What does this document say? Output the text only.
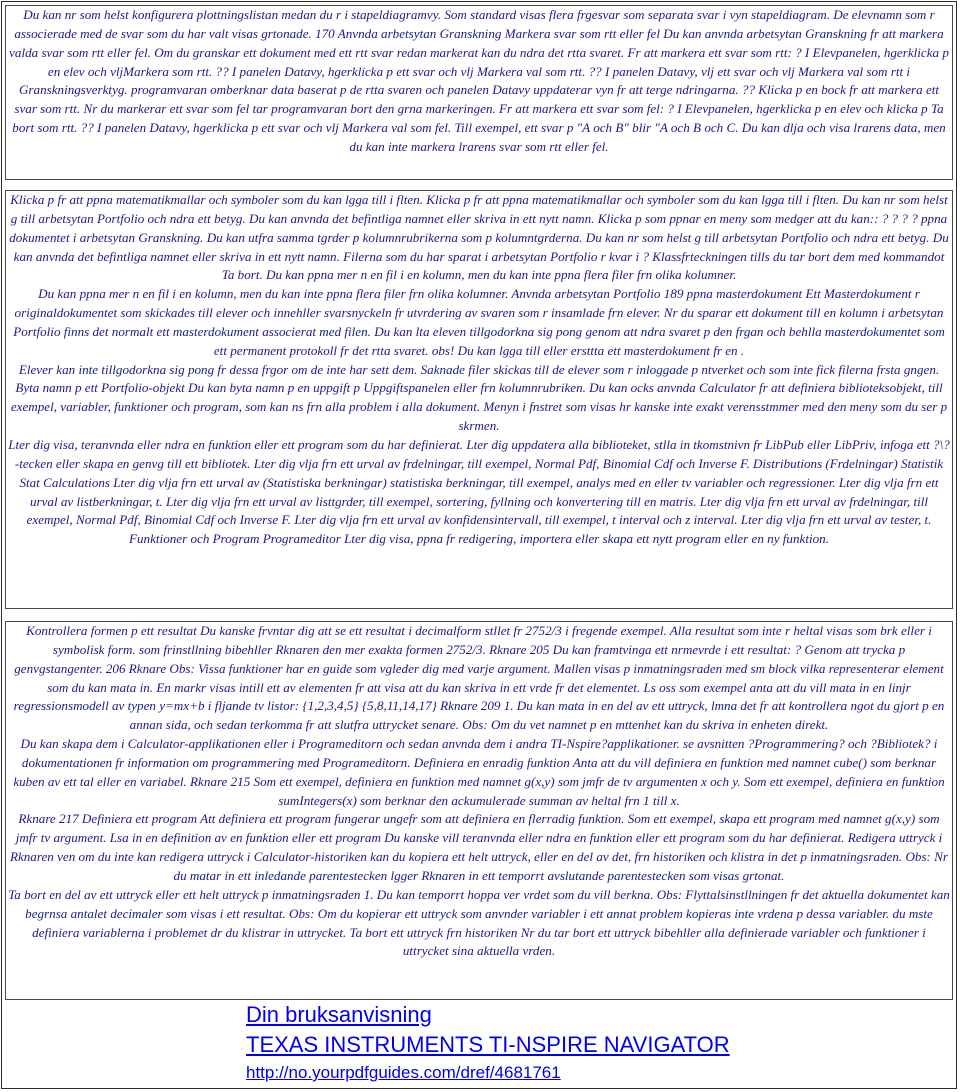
Du kan nr som helst konfigurera plottningslistan medan du r i stapeldiagramvy. Som standard visas flera frgesvar som separata svar i vyn stapeldiagram. De elevnamn som r associerade med de svar som du har valt visas grtonade. 170 Anvnda arbetsytan Granskning Markera svar som rtt eller fel Du kan anvnda arbetsytan Granskning fr att markera valda svar som rtt eller fel. Om du granskar ett dokument med ett rtt svar redan markerat kan du ndra det rtta svaret. Fr att markera ett svar som rtt: ? I Elevpanelen, hgerklicka p en elev och vljMarkera som rtt. ?? I panelen Datavy, hgerklicka p ett svar och vlj Markera val som rtt. ?? I panelen Datavy, vlj ett svar och vlj Markera val som rtt i Granskningsverktyg. programvaran omberknar data baserat p de rtta svaren och panelen Datavy uppdaterar vyn fr att terge ndringarna. ?? Klicka p en bock fr att markera ett svar som rtt. Nr du markerar ett svar som fel tar programvaran bort den grna markeringen. Fr att markera ett svar som fel: ? I Elevpanelen, hgerklicka p en elev och klicka p Ta bort som rtt. ?? I panelen Datavy, hgerklicka p ett svar och vlj Markera val som fel. Till exempel, ett svar p "A och B" blir "A och B och C. Du kan dlja och visa lrarens data, men du kan inte markera lrarens svar som rtt eller fel.

Klicka p fr att ppna matematikmallar och symboler som du kan lgga till i flten. Klicka p fr att ppna matematikmallar och symboler som du kan lgga till i flten. Du kan nr som helst g till arbetsytan Portfolio och ndra ett betyg. Du kan anvnda det befintliga namnet eller skriva in ett nytt namn. Klicka p som ppnar en meny som medger att du kan:: ? ? ? ? ppna dokumentet i arbetsytan Granskning. Du kan utfra samma tgrder p kolumnrubrikerna som p kolumntgrderna. Du kan nr som helst g till arbetsytan Portfolio och ndra ett betyg. Du kan anvnda det befintliga namnet eller skriva in ett nytt namn. Filerna som du har sparat i arbetsytan Portfolio r kvar i ? Klassfrteckningen tills du tar bort dem med kommandot Ta bort. Du kan ppna mer n en fil i en kolumn, men du kan inte ppna flera filer frn olika kolumner.

Du kan ppna mer n en fil i en kolumn, men du kan inte ppna flera filer frn olika kolumner. Anvnda arbetsytan Portfolio 189 ppna masterdokument Ett Masterdokument r originaldokumentet som skickades till elever och innehller svarsnyckeln fr utvrdering av svaren som r insamlade frn elever. Nr du sparar ett dokument till en kolumn i arbetsytan Portfolio finns det normalt ett masterdokument associerat med filen. Du kan lta eleven tillgodorkna sig pong genom att ndra svaret p den frgan och behlla masterdokumentet som ett permanent protokoll fr det rtta svaret. obs! Du kan lgga till eller ersttta ett masterdokument fr en .

Elever kan inte tillgodorkna sig pong fr dessa frgor om de inte har sett dem. Saknade filer skickas till de elever som r inloggade p ntverket och som inte fick filerna frsta gngen. Byta namn p ett Portfolio-objekt Du kan byta namn p en uppgift p Uppgiftspanelen eller frn kolumnrubriken. Du kan ocks anvnda Calculator fr att definiera biblioteksobjekt, till exempel, variabler, funktioner och program, som kan ns frn alla problem i alla dokument. Menyn i fnstret som visas hr kanske inte exakt verensstmmer med den meny som du ser p skrmen.

Lter dig visa, teranvnda eller ndra en funktion eller ett program som du har definierat. Lter dig uppdatera alla biblioteket, stlla in tkomstnivn fr LibPub eller LibPriv, infoga ett ?\?-tecken eller skapa en genvg till ett bibliotek. Lter dig vlja frn ett urval av frdelningar, till exempel, Normal Pdf, Binomial Cdf och Inverse F. Distributions (Frdelningar) Statistik Stat Calculations Lter dig vlja frn ett urval av (Statistiska berkningar) statistiska berkningar, till exempel, analys med en eller tv variabler och regressioner. Lter dig vlja frn ett urval av listberkningar, t. Lter dig vlja frn ett urval av listtgrder, till exempel, sortering, fyllning och konvertering till en matris. Lter dig vlja frn ett urval av frdelningar, till exempel, Normal Pdf, Binomial Cdf och Inverse F. Lter dig vlja frn ett urval av konfidensintervall, till exempel, t interval och z interval. Lter dig vlja frn ett urval av tester, t. Funktioner och Program Programeditor Lter dig visa, ppna fr redigering, importera eller skapa ett nytt program eller en ny funktion.

Kontrollera formen p ett resultat Du kanske frvntar dig att se ett resultat i decimalform stllet fr 2752/3 i fregende exempel. Alla resultat som inte r heltal visas som brk eller i symbolisk form. som frinstllning bibehller Rknaren den mer exakta formen 2752/3. Rknare 205 Du kan framtvinga ett nrmevrde i ett resultat: ? Genom att trycka p genvgstangenter. 206 Rknare Obs: Vissa funktioner har en guide som vgleder dig med varje argument. Mallen visas p inmatningsraden med sm block vilka representerar element som du kan mata in. En markr visas intill ett av elementen fr att visa att du kan skriva in ett vrde fr det elementet. Ls oss som exempel anta att du vill mata in en linjr regressionsmodell av typen y=mx+b i fljande tv listor: {1,2,3,4,5} {5,8,11,14,17} Rknare 209 1. Du kan mata in en del av ett uttryck, lmna det fr att kontrollera ngot du gjort p en annan sida, och sedan terkomma fr att slutfra uttrycket senare. Obs: Om du vet namnet p en mttenhet kan du skriva in enheten direkt.

Du kan skapa dem i Calculator-applikationen eller i Programeditorn och sedan anvnda dem i andra TI-Nspire?applikationer. se avsnitten ?Programmering? och ?Bibliotek? i dokumentationen fr information om programmering med Programeditorn. Definiera en enradig funktion Anta att du vill definiera en funktion med namnet cube() som berknar kuben av ett tal eller en variabel. Rknare 215 Som ett exempel, definiera en funktion med namnet g(x,y) som jmfr de tv argumenten x och y. Som ett exempel, definiera en funktion sumIntegers(x) som berknar den ackumulerade summan av heltal frn 1 till x.

Rknare 217 Definiera ett program Att definiera ett program fungerar ungefr som att definiera en flerradig funktion. Som ett exempel, skapa ett program med namnet g(x,y) som jmfr tv argument. Lsa in en definition av en funktion eller ett program Du kanske vill teranvnda eller ndra en funktion eller ett program som du har definierat. Redigera uttryck i Rknaren ven om du inte kan redigera uttryck i Calculator-historiken kan du kopiera ett helt uttryck, eller en del av det, frn historiken och klistra in det p inmatningsraden. Obs: Nr du matar in ett inledande parentestecken lgger Rknaren in ett temporrt avslutande parentestecken som visas grtonat.

Ta bort en del av ett uttryck eller ett helt uttryck p inmatningsraden 1. Du kan temporrt hoppa ver vrdet som du vill berkna. Obs: Flyttalsinstllningen fr det aktuella dokumentet kan begrnsa antalet decimaler som visas i ett resultat. Obs: Om du kopierar ett uttryck som anvnder variabler i ett annat problem kopieras inte vrdena p dessa variabler. du mste definiera variablerna i problemet dr du klistrar in uttrycket. Ta bort ett uttryck frn historiken Nr du tar bort ett uttryck bibehller alla definierade variabler och funktioner i uttrycket sina aktuella vrden.

Din bruksanvisning
TEXAS INSTRUMENTS TI-NSPIRE NAVIGATOR
http://no.yourpdfguides.com/dref/4681761
